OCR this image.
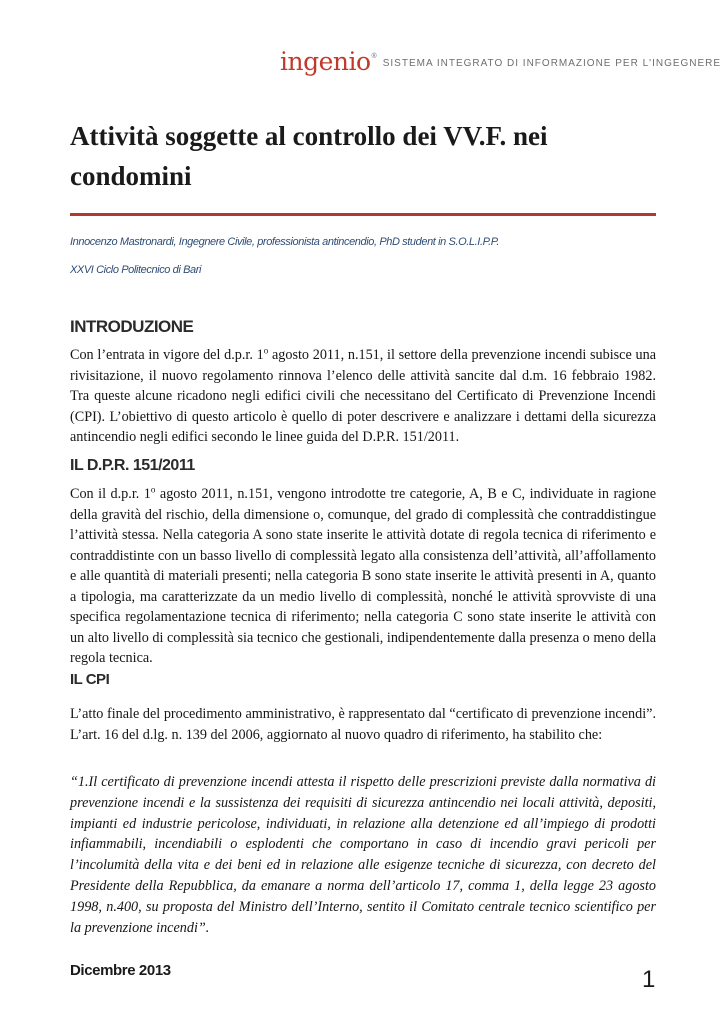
ingenio ®
SISTEMA INTEGRATO DI INFORMAZIONE PER L'INGEGNERE
Attività soggette al controllo dei VV.F. nei condomini
Innocenzo Mastronardi, Ingegnere Civile, professionista antincendio, PhD student in S.O.L.I.P.P.
XXVI Ciclo Politecnico di Bari
INTRODUZIONE

Con l’entrata in vigore del d.p.r. 1$^o$ agosto 2011, n.151, il settore della prevenzione incendi subisce una rivisitazione, il nuovo regolamento rinnova l’elenco delle attività sancite dal d.m. 16 febbraio 1982. Tra queste alcune ricadono negli edifici civili che necessitano del Certificato di Prevenzione Incendi (CPI). L’obiettivo di questo articolo è quello di poter descrivere e analizzare i dettami della sicurezza antincendio negli edifici secondo le linee guida del D.P.R. 151/2011.

IL D.P.R. 151/2011

Con il d.p.r. 1$^o$ agosto 2011, n.151, vengono introdotte tre categorie, A, B e C, individuate in ragione della gravità del rischio, della dimensione o, comunque, del grado di complessità che contraddistingue l’attività stessa. Nella categoria A sono state inserite le attività dotate di regola tecnica di riferimento e contraddistinte con un basso livello di complessità legato alla consistenza dell’attività, all’affollamento e alle quantità di materiali presenti; nella categoria B sono state inserite le attività presenti in A, quanto a tipologia, ma caratterizzate da un medio livello di complessità, nonché le attività sprovviste di una specifica regolamentazione tecnica di riferimento; nella categoria C sono state inserite le attività con un alto livello di complessità sia tecnico che gestionali, indipendentemente dalla presenza o meno della regola tecnica.

IL CPI

L’atto finale del procedimento amministrativo, è rappresentato dal “certificato di prevenzione incendi”. L’art. 16 del d.lg. n. 139 del 2006, aggiornato al nuovo quadro di riferimento, ha stabilito che:

“1.Il certificato di prevenzione incendi attesta il rispetto delle prescrizioni previste dalla normativa di prevenzione incendi e la sussistenza dei requisiti di sicurezza antincendio nei locali attività, depositi, impianti ed industrie pericolose, individuati, in relazione alla detenzione ed all’impiego di prodotti infiammabili, incendiabili o esplodenti che comportano in caso di incendio gravi pericoli per l’incolumità della vita e dei beni ed in relazione alle esigenze tecniche di sicurezza, con decreto del Presidente della Repubblica, da emanare a norma dell’articolo 17, comma 1, della legge 23 agosto 1998, n.400, su proposta del Ministro dell’Interno, sentito il Comitato centrale tecnico scientifico per la prevenzione incendi”.

Dicembre 2013	1
